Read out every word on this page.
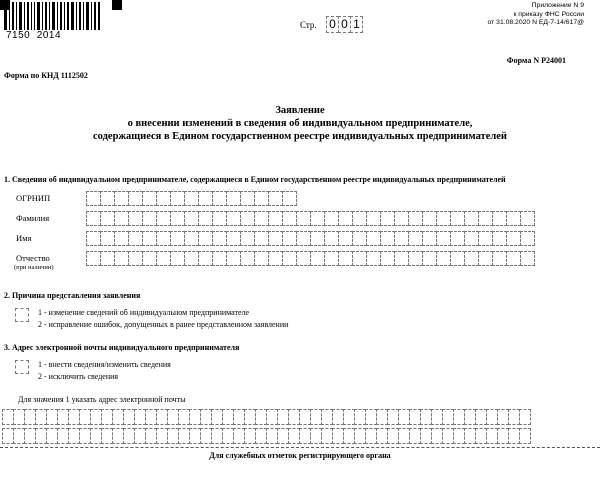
7150  2014
Приложение N 9
к приказу ФНС России
от 31.08.2020 N ЕД-7-14/617@
Стр. 0 0 1
Форма по КНД 1112502
Форма N Р24001
Заявление
о внесении изменений в сведения об индивидуальном предпринимателе,
содержащиеся в Едином государственном реестре индивидуальных предпринимателей
1. Сведения об индивидуальном предпринимателе, содержащиеся в Едином государственном реестре индивидуальных предпринимателей
ОГРНИП
Фамилия
Имя
Отчество
(при наличии)
2. Причина представления заявления
1 - изменение сведений об индивидуальном предпринимателе
2 - исправление ошибок, допущенных в ранее представленном заявлении
3. Адрес электронной почты индивидуального предпринимателя
1 - внести сведения/изменить сведения
2 - исключить сведения
Для значения 1 указать адрес электронной почты
Для служебных отметок регистрирующего органа
